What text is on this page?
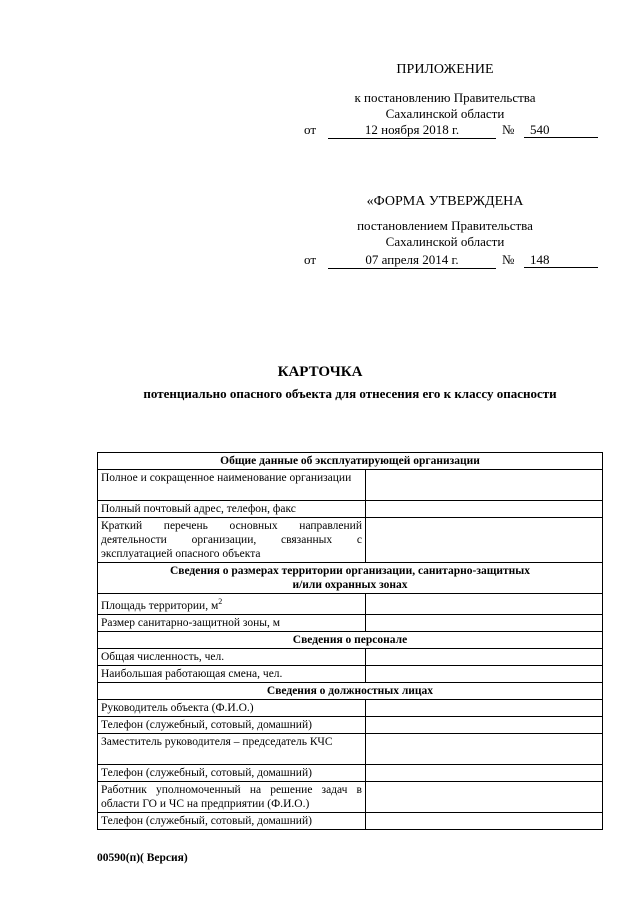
ПРИЛОЖЕНИЕ
к постановлению Правительства
Сахалинской области
от	12 ноября 2018 г.	№	540
«ФОРМА УТВЕРЖДЕНА
постановлением Правительства
Сахалинской области
от	07 апреля 2014 г.	№	148
КАРТОЧКА
потенциально опасного объекта для отнесения его к классу опасности
Общие данные об эксплуатирующей организации	
Полное и сокращенное наименование организации	
Полный почтовый адрес, телефон, факс	
Краткий перечень основных направлений деятельности организации, связанных с эксплуатацией опасного объекта	

Сведения о размерах территории организации, санитарно-защитных
и/или охранных зонах	

Площадь территории, $м^2$	
Размер санитарно-защитной зоны, м	
Сведения о персонале	
Общая численность, чел.	
Наибольшая работающая смена, чел.	
Сведения о должностных лицах	
Руководитель объекта (Ф.И.О.)	
Телефон (служебный, сотовый, домашний)	
Заместитель руководителя – председатель КЧС	
Телефон (служебный, сотовый, домашний)	
Работник уполномоченный на решение задач в области ГО и ЧС на предприятии (Ф.И.О.)	
Телефон (служебный, сотовый, домашний)	
00590(п)( Версия)
